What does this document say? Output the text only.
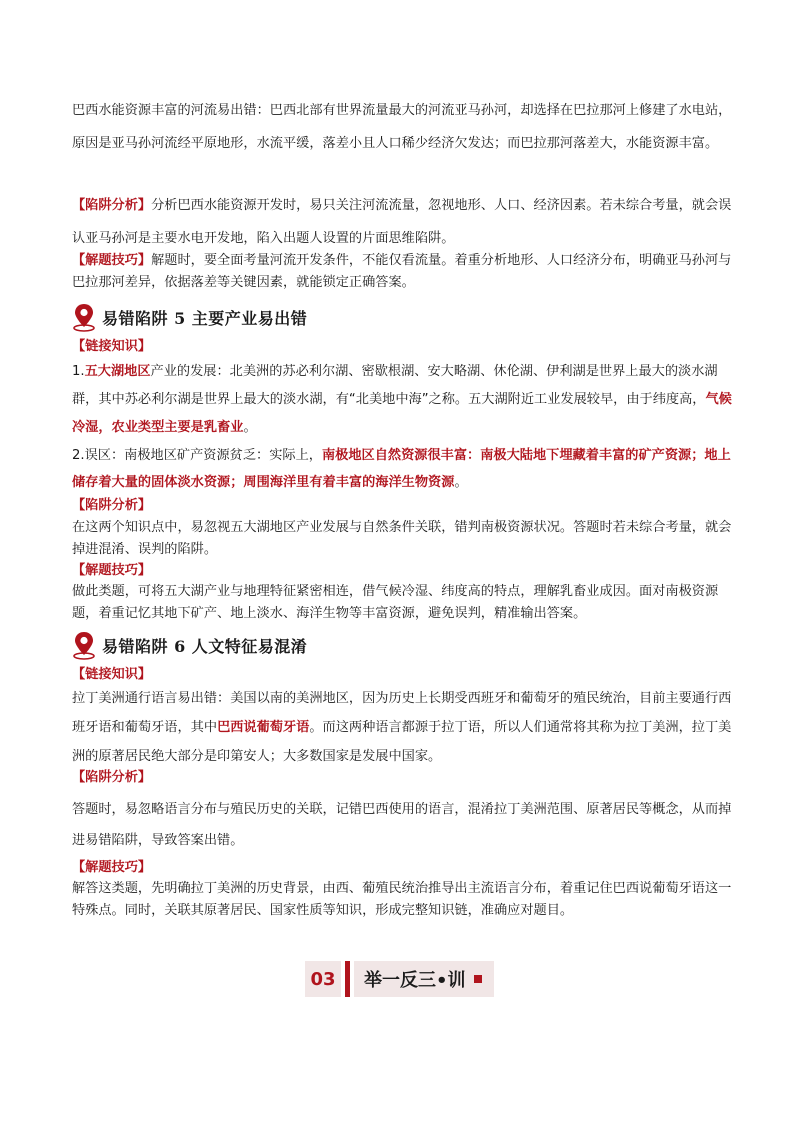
巴西水能资源丰富的河流易出错：巴西北部有世界流量最大的河流亚马孙河，却选择在巴拉那河上修建了水电站，原因是亚马孙河流经平原地形，水流平缓，落差小且人口稀少经济欠发达；而巴拉那河落差大，水能资源丰富。

【陷阱分析】分析巴西水能资源开发时，易只关注河流流量，忽视地形、人口、经济因素。若未综合考量，就会误认亚马孙河是主要水电开发地，陷入出题人设置的片面思维陷阱。

【解题技巧】解题时，要全面考量河流开发条件，不能仅看流量。着重分析地形、人口经济分布，明确亚马孙河与巴拉那河差异，依据落差等关键因素，就能锁定正确答案。

易错陷阱 5 主要产业易出错

【链接知识】

1.五大湖地区产业的发展：北美洲的苏必利尔湖、密歇根湖、安大略湖、休伦湖、伊利湖是世界上最大的淡水湖群，其中苏必利尔湖是世界上最大的淡水湖，有“北美地中海”之称。五大湖附近工业发展较早，由于纬度高，气候冷湿，农业类型主要是乳畜业。

2.误区：南极地区矿产资源贫乏：实际上，南极地区自然资源很丰富：南极大陆地下埋藏着丰富的矿产资源；地上储存着大量的固体淡水资源；周围海洋里有着丰富的海洋生物资源。

【陷阱分析】

在这两个知识点中，易忽视五大湖地区产业发展与自然条件关联，错判南极资源状况。答题时若未综合考量，就会掉进混淆、误判的陷阱。

【解题技巧】

做此类题，可将五大湖产业与地理特征紧密相连，借气候冷湿、纬度高的特点，理解乳畜业成因。面对南极资源题，着重记忆其地下矿产、地上淡水、海洋生物等丰富资源，避免误判，精准输出答案。

易错陷阱 6 人文特征易混淆

【链接知识】

拉丁美洲通行语言易出错：美国以南的美洲地区，因为历史上长期受西班牙和葡萄牙的殖民统治，目前主要通行西班牙语和葡萄牙语，其中巴西说葡萄牙语。而这两种语言都源于拉丁语，所以人们通常将其称为拉丁美洲，拉丁美洲的原著居民绝大部分是印第安人；大多数国家是发展中国家。

【陷阱分析】

答题时，易忽略语言分布与殖民历史的关联，记错巴西使用的语言，混淆拉丁美洲范围、原著居民等概念，从而掉进易错陷阱，导致答案出错。

【解题技巧】

解答这类题，先明确拉丁美洲的历史背景，由西、葡殖民统治推导出主流语言分布，着重记住巴西说葡萄牙语这一特殊点。同时，关联其原著居民、国家性质等知识，形成完整知识链，准确应对题目。

03	举一反三•训
